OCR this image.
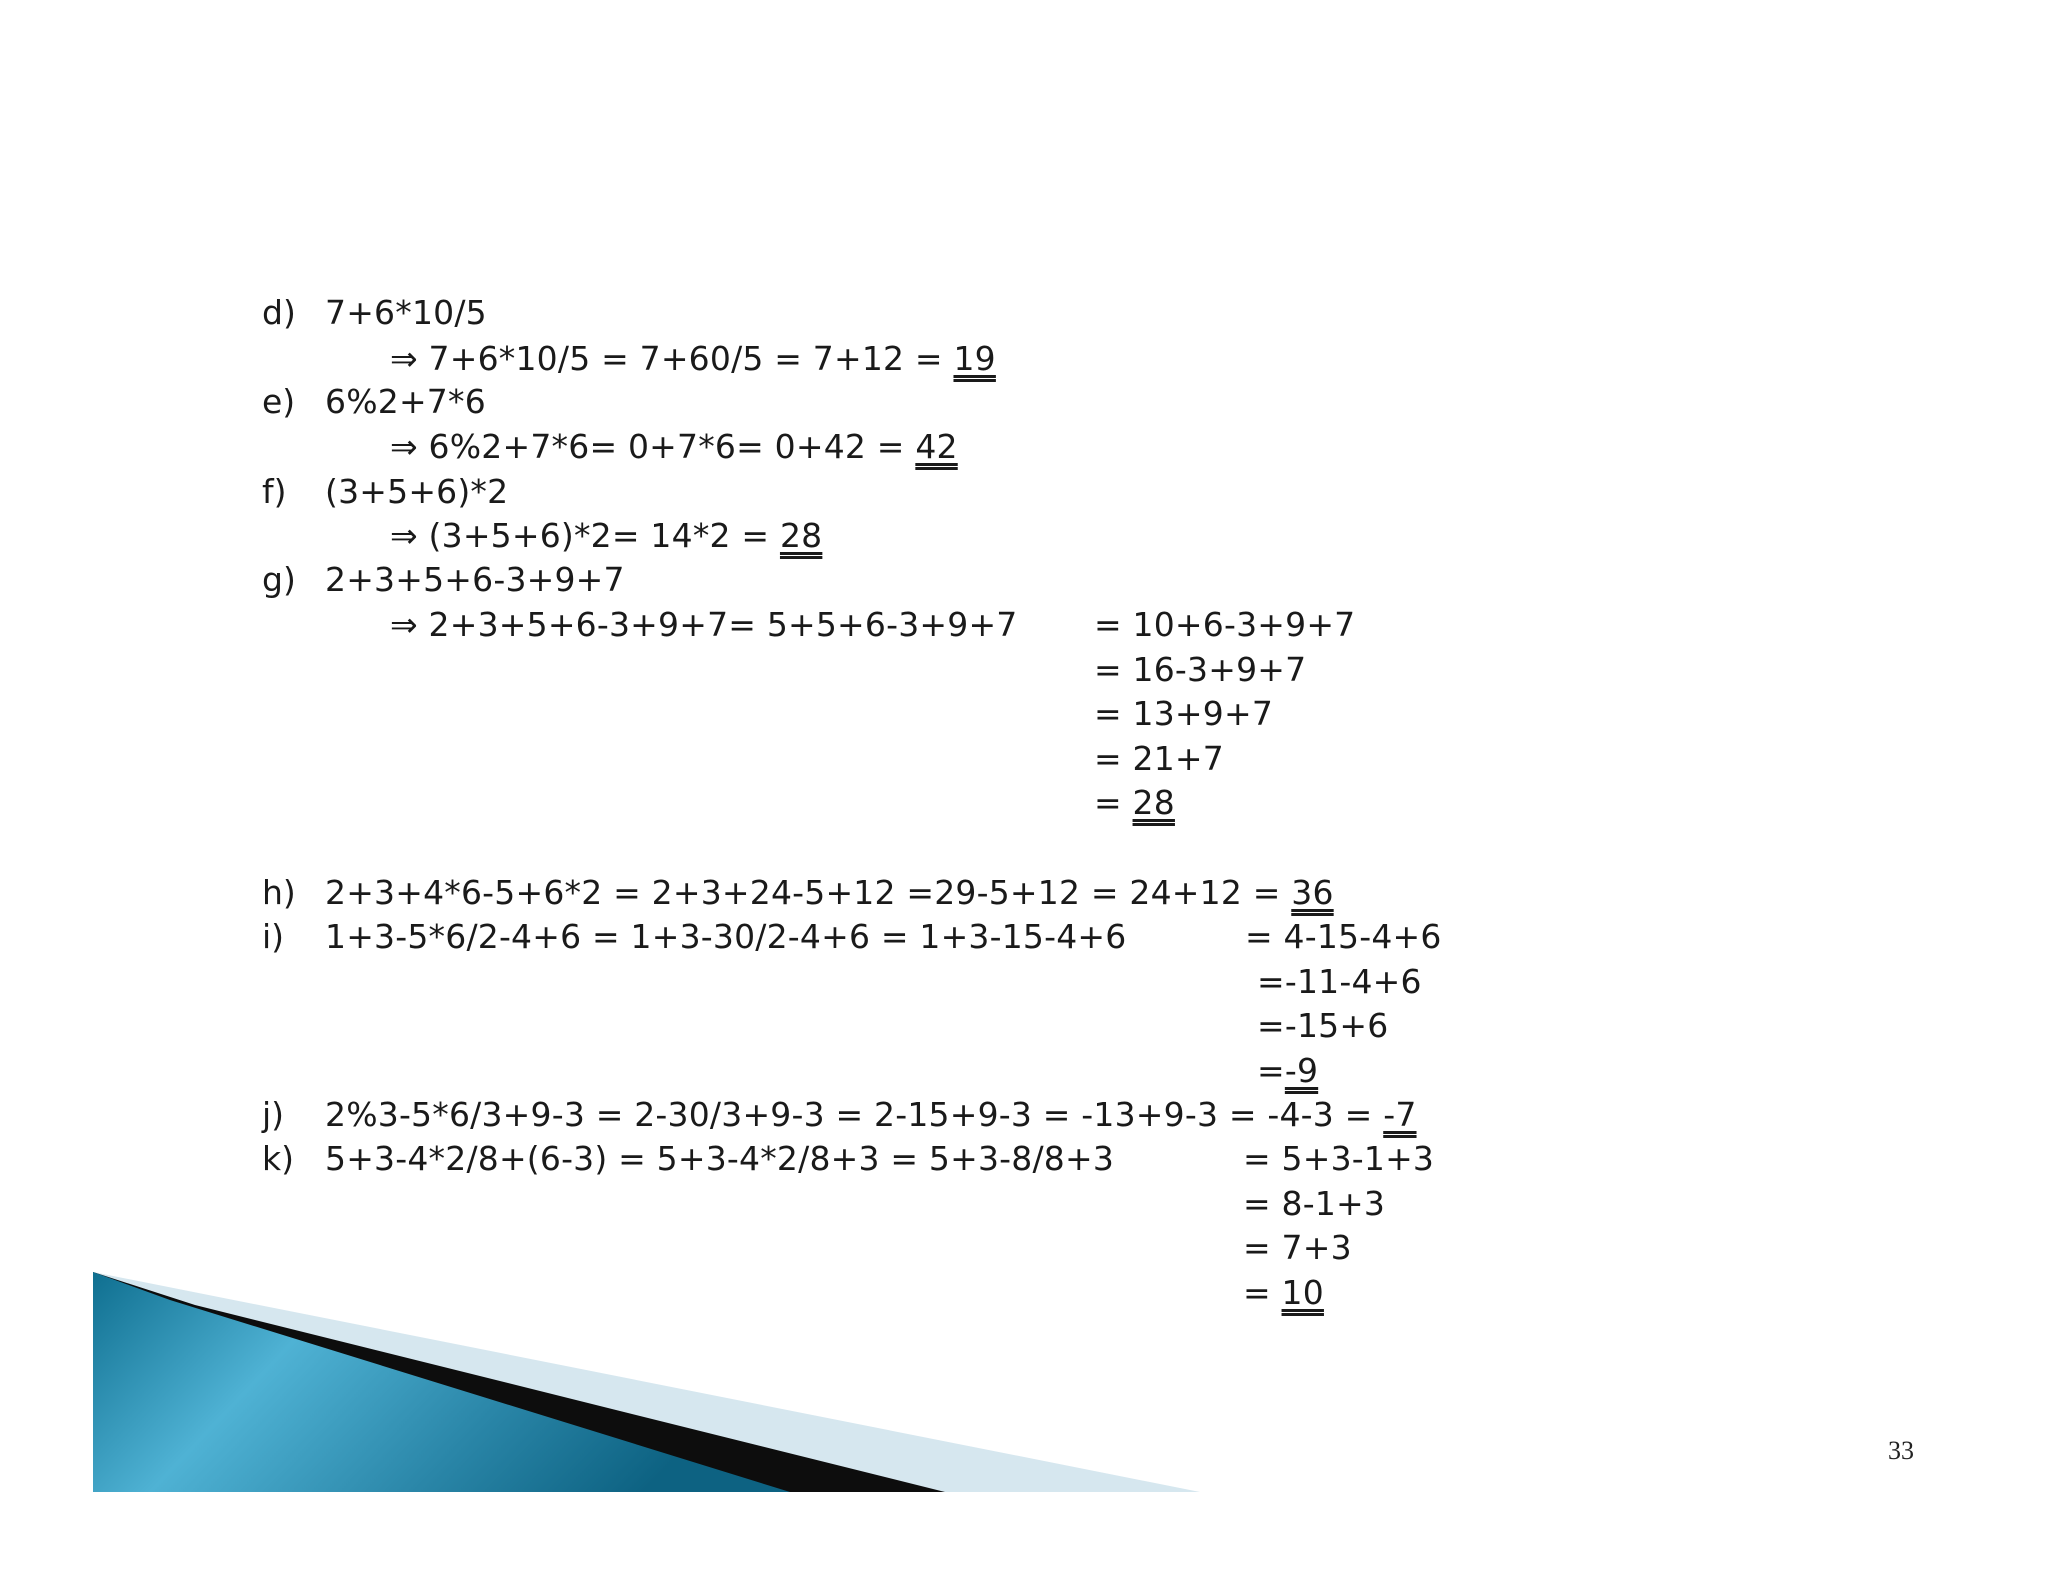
d) 7+6*10/5
⇒ 7+6*10/5 = 7+60/5 = 7+12 = 19
e) 6%2+7*6
⇒ 6%2+7*6= 0+7*6= 0+42 = 42
f) (3+5+6)*2
⇒ (3+5+6)*2= 14*2 = 28
g) 2+3+5+6-3+9+7
⇒ 2+3+5+6-3+9+7= 5+5+6-3+9+7 = 10+6-3+9+7
= 16-3+9+7
= 13+9+7
= 21+7
= 28
h) 2+3+4*6-5+6*2 = 2+3+24-5+12 =29-5+12 = 24+12 = 36
i) 1+3-5*6/2-4+6 = 1+3-30/2-4+6 = 1+3-15-4+6	= 4-15-4+6
=-11-4+6
=-15+6
=-9
j) 2%3-5*6/3+9-3 = 2-30/3+9-3 = 2-15+9-3 = -13+9-3 = -4-3 = -7
k) 5+3-4*2/8+(6-3) = 5+3-4*2/8+3 = 5+3-8/8+3	= 5+3-1+3
= 8-1+3
= 7+3
= 10
33
